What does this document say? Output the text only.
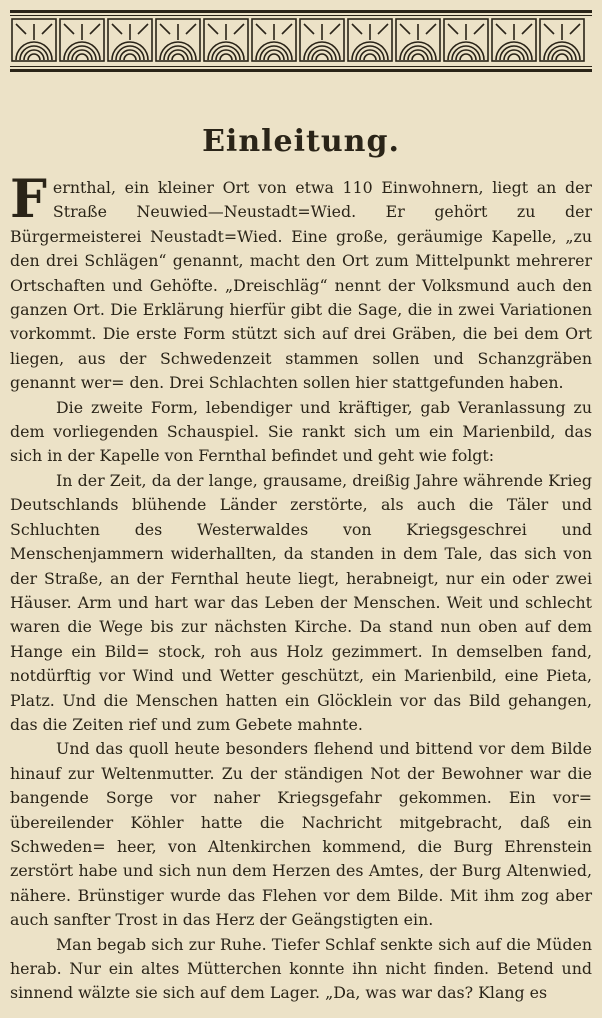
Einleitung.

Fernthal, ein kleiner Ort von etwa 110 Einwohnern, liegt an der Straße Neuwied—Neustadt=Wied. Er gehört zu der Bürgermeisterei Neustadt=Wied. Eine große, geräumige Kapelle, „zu den drei Schlägen“ genannt, macht den Ort zum Mittelpunkt mehrerer Ortschaften und Gehöfte. „Dreischläg“ nennt der Volksmund auch den ganzen Ort. Die Erklärung hierfür gibt die Sage, die in zwei Variationen vorkommt. Die erste Form stützt sich auf drei Gräben, die bei dem Ort liegen, aus der Schwedenzeit stammen sollen und Schanzgräben genannt wer= den. Drei Schlachten sollen hier stattgefunden haben.

Die zweite Form, lebendiger und kräftiger, gab Veranlassung zu dem vorliegenden Schauspiel. Sie rankt sich um ein Marienbild, das sich in der Kapelle von Fernthal befindet und geht wie folgt:

In der Zeit, da der lange, grausame, dreißig Jahre währende Krieg Deutschlands blühende Länder zerstörte, als auch die Täler und Schluchten des Westerwaldes von Kriegsgeschrei und Menschenjammern widerhallten, da standen in dem Tale, das sich von der Straße, an der Fernthal heute liegt, herabneigt, nur ein oder zwei Häuser. Arm und hart war das Leben der Menschen. Weit und schlecht waren die Wege bis zur nächsten Kirche. Da stand nun oben auf dem Hange ein Bild= stock, roh aus Holz gezimmert. In demselben fand, notdürftig vor Wind und Wetter geschützt, ein Marienbild, eine Pieta, Platz. Und die Menschen hatten ein Glöcklein vor das Bild gehangen, das die Zeiten rief und zum Gebete mahnte.

Und das quoll heute besonders flehend und bittend vor dem Bilde hinauf zur Weltenmutter. Zu der ständigen Not der Bewohner war die bangende Sorge vor naher Kriegsgefahr gekommen. Ein vor= übereilender Köhler hatte die Nachricht mitgebracht, daß ein Schweden= heer, von Altenkirchen kommend, die Burg Ehrenstein zerstört habe und sich nun dem Herzen des Amtes, der Burg Altenwied, nähere. Brünstiger wurde das Flehen vor dem Bilde. Mit ihm zog aber auch sanfter Trost in das Herz der Geängstigten ein.

Man begab sich zur Ruhe. Tiefer Schlaf senkte sich auf die Müden herab. Nur ein altes Mütterchen konnte ihn nicht finden. Betend und sinnend wälzte sie sich auf dem Lager. „Da, was war das? Klang es
